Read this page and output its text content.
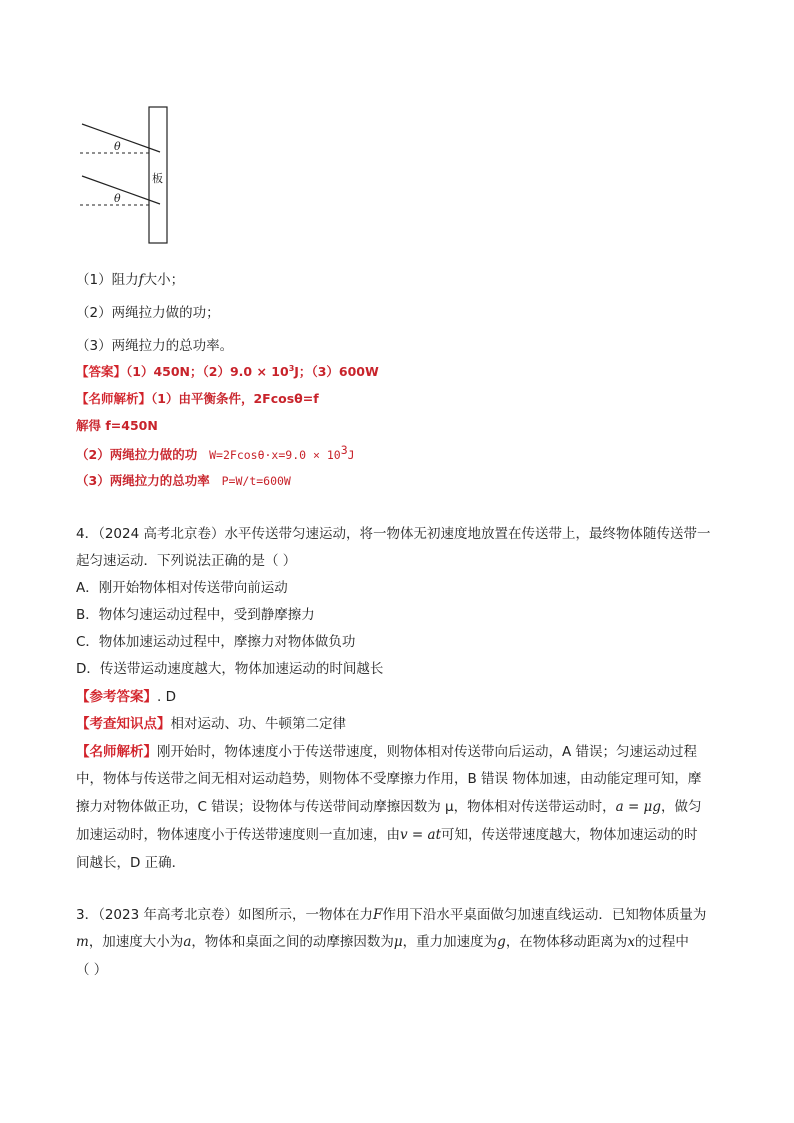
θ
θ
板
（1）阻力f大小；
（2）两绳拉力做的功；
（3）两绳拉力的总功率。
【答案】（1）450N；$(2)9.0 \times 10^3J$；（3）600W
【名师解析】（1）由平衡条件，2Fcosθ=f
解得 f=450N
（2）两绳拉力做的功 $W=2Fcos\theta\cdot x=9.0 \times 10^3J$
（3）两绳拉力的总功率 P=W/t=600W
4．（2024 高考北京卷）水平传送带匀速运动，将一物体无初速度地放置在传送带上，最终物体随传送带一
起匀速运动．下列说法正确的是（ ）
A．刚开始物体相对传送带向前运动
B．物体匀速运动过程中，受到静摩擦力
C．物体加速运动过程中，摩擦力对物体做负功
D．传送带运动速度越大，物体加速运动的时间越长
【参考答案】. D
【考查知识点】相对运动、功、牛顿第二定律
【名师解析】刚开始时，物体速度小于传送带速度，则物体相对传送带向后运动，A 错误；匀速运动过程
中，物体与传送带之间无相对运动趋势，则物体不受摩擦力作用，B 错误 物体加速，由动能定理可知，摩
擦力对物体做正功，C 错误；设物体与传送带间动摩擦因数为 μ，物体相对传送带运动时，a = μg，做匀
加速运动时，物体速度小于传送带速度则一直加速，由v = at可知，传送带速度越大，物体加速运动的时
间越长，D 正确．
3．（2023 年高考北京卷）如图所示，一物体在力F作用下沿水平桌面做匀加速直线运动．已知物体质量为
m，加速度大小为a，物体和桌面之间的动摩擦因数为μ，重力加速度为g，在物体移动距离为x的过程中
（ ）
